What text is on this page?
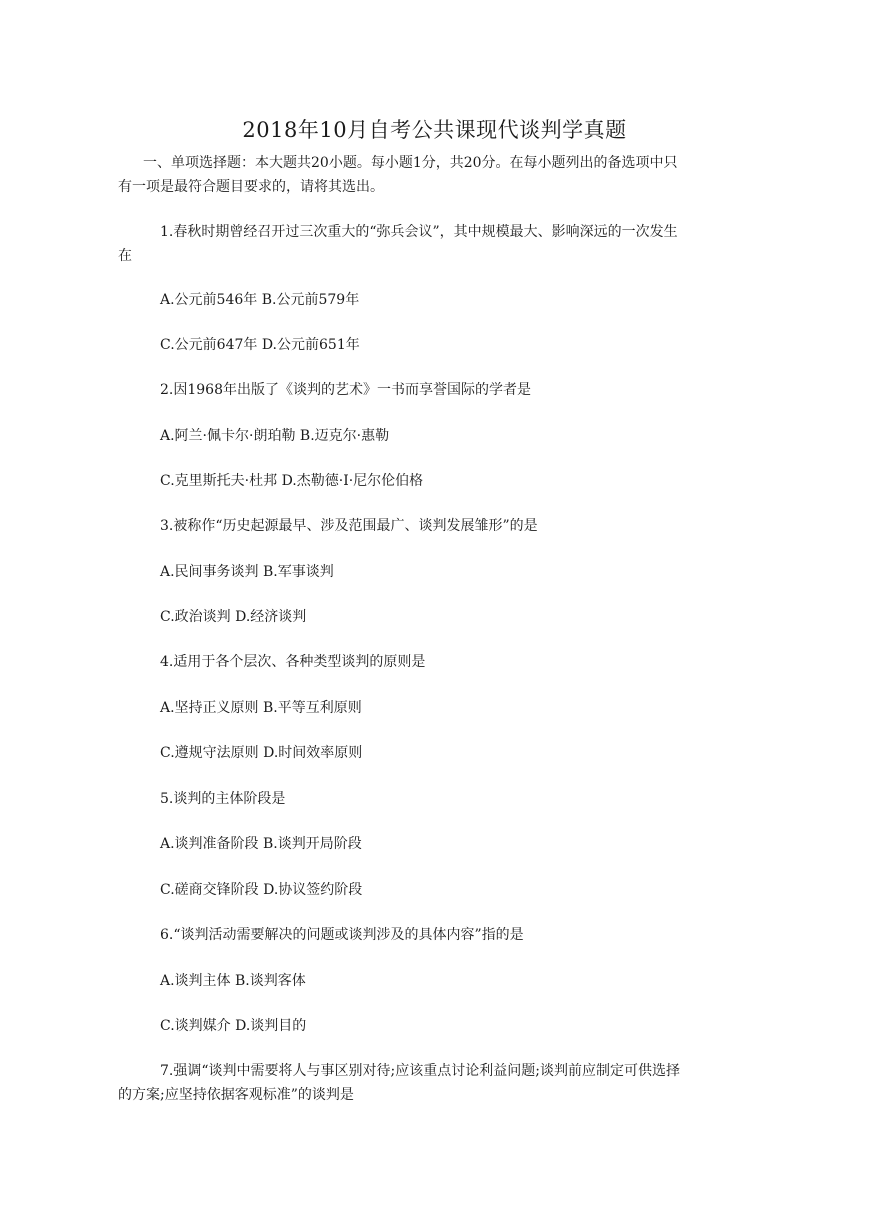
2018年10月自考公共课现代谈判学真题
一、单项选择题：本大题共20小题。每小题1分，共20分。在每小题列出的备选项中只
有一项是最符合题目要求的，请将其选出。
1.春秋时期曾经召开过三次重大的“弥兵会议”，其中规模最大、影响深远的一次发生
在
A.公元前546年 B.公元前579年
C.公元前647年 D.公元前651年
2.因1968年出版了《谈判的艺术》一书而享誉国际的学者是
A.阿兰·佩卡尔·朗珀勒 B.迈克尔·惠勒
C.克里斯托夫·杜邦 D.杰勒德·I·尼尔伦伯格
3.被称作“历史起源最早、涉及范围最广、谈判发展雏形”的是
A.民间事务谈判 B.军事谈判
C.政治谈判 D.经济谈判
4.适用于各个层次、各种类型谈判的原则是
A.坚持正义原则 B.平等互利原则
C.遵规守法原则 D.时间效率原则
5.谈判的主体阶段是
A.谈判准备阶段 B.谈判开局阶段
C.磋商交锋阶段 D.协议签约阶段
6.“谈判活动需要解决的问题或谈判涉及的具体内容”指的是
A.谈判主体 B.谈判客体
C.谈判媒介 D.谈判目的
7.强调“谈判中需要将人与事区别对待;应该重点讨论利益问题;谈判前应制定可供选择
的方案;应坚持依据客观标准”的谈判是
